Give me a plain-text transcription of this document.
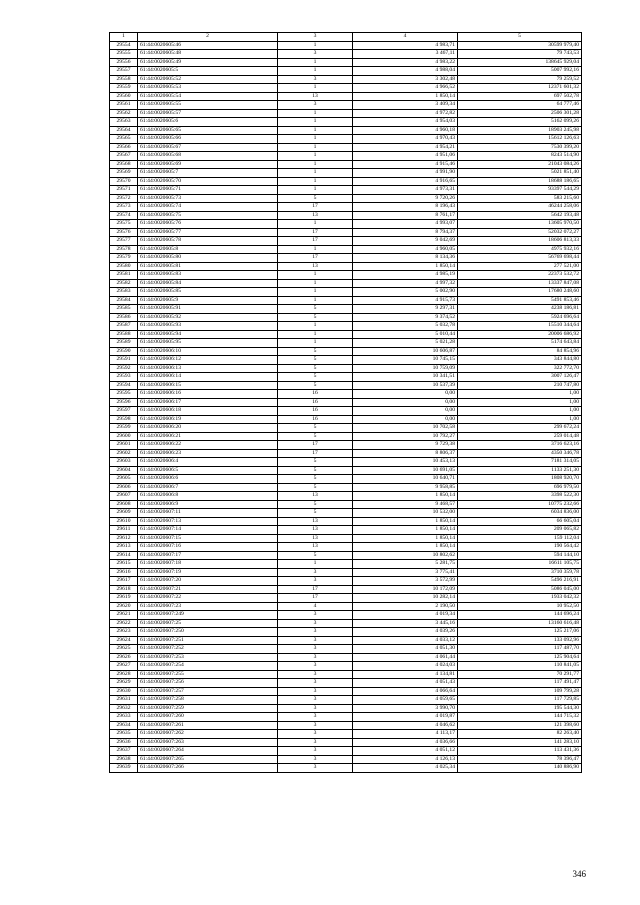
1	2	3	4	5
29554	61:44:0020605:46	1	4 983,71	30599 979,40
29555	61:44:0020605:48	3	3 467,11	79 743,53
29556	61:44:0020605:49	1	4 983,22	138645 929,04
29557	61:44:0020605:5	1	4 988,04	5007 992,16
29558	61:44:0020605:52	3	3 302,48	79 259,52
29559	61:44:0020605:53	1	4 966,52	12371 601,32
29560	61:44:0020605:54	13	1 850,14	697 502,78
29561	61:44:0020605:55	3	3 409,34	64 777,46
29562	61:44:0020605:57	1	4 972,82	2506 301,28
29563	61:44:0020605:6	1	4 954,03	5162 099,26
29564	61:44:0020605:65	1	4 960,18	18903 245,98
29565	61:44:0020605:66	1	4 970,43	15612 126,63
29566	61:44:0020605:67	1	4 954,21	7530 399,20
29567	61:44:0020605:68	1	4 951,06	8243 514,90
29568	61:44:0020605:69	1	4 915,46	21043 084,26
29569	61:44:0020605:7	1	4 991,90	5021 851,40
29570	61:44:0020605:70	1	4 916,65	18688 186,65
29571	61:44:0020605:71	1	4 973,31	93397 544,29
29572	61:44:0020605:73	5	9 720,26	583 215,60
29573	61:44:0020605:74	17	8 196,43	46244 258,06
29574	61:44:0020605:75	13	8 761,17	5642 193,48
29575	61:44:0020605:76	1	4 993,07	13605 970,50
29576	61:44:0020605:77	17	8 794,37	52032 072,27
29577	61:44:0020605:78	17	9 042,69	18606 813,33
29578	61:44:0020605:8	1	4 960,05	4975 932,16
29579	61:44:0020605:80	17	8 134,36	56769 698,44
29580	61:44:0020605:81	13	1 850,14	277 521,00
29581	61:44:0020605:83	1	4 985,19	22373 532,72
29582	61:44:0020605:84	1	4 997,32	13337 847,08
29583	61:44:0020605:85	1	5 002,90	17680 248,60
29584	61:44:0020605:9	1	4 915,73	5491 853,46
29585	61:44:0020605:91	5	9 297,31	4238 186,81
29586	61:44:0020605:92	5	9 374,52	5924 696,64
29587	61:44:0020605:93	1	5 032,78	15510 344,64
29588	61:44:0020605:94	1	5 010,44	20006 686,92
29589	61:44:0020605:95	1	5 021,28	5174 643,84
29590	61:44:0020606:10	5	10 606,87	84 854,96
29591	61:44:0020606:12	5	10 745,15	343 844,80
29592	61:44:0020606:13	5	10 759,09	322 772,70
29593	61:44:0020606:14	5	10 341,51	3007 126,47
29594	61:44:0020606:15	5	10 537,39	210 747,80
29595	61:44:0020606:16	16	0,00	1,00
29596	61:44:0020606:17	16	0,00	1,00
29597	61:44:0020606:18	16	0,00	1,00
29598	61:44:0020606:19	16	0,00	1,00
29599	61:44:0020606:20	5	10 702,58	299 672,24
29600	61:44:0020606:21	5	10 792,27	259 014,48
29601	61:44:0020606:22	17	9 729,38	3716 623,16
29602	61:44:0020606:23	17	8 806,37	4350 346,78
29603	61:44:0020606:4	5	10 453,13	7181 314,05
29604	61:44:0020606:5	5	10 691,05	1133 251,30
29605	61:44:0020606:6	5	10 640,71	1808 920,70
29606	61:44:0020606:7	5	9 958,85	696 979,50
29607	61:44:0020606:8	13	1 850,14	3398 522,30
29608	61:44:0020606:9	5	9 468,57	10775 232,66
29609	61:44:0020607:11	5	10 532,00	6034 836,00
29610	61:44:0020607:13	13	1 850,14	66 605,04
29611	61:44:0020607:14	13	1 850,14	209 065,82
29612	61:44:0020607:15	13	1 850,14	159 112,04
29613	61:44:0020607:16	13	1 850,14	190 564,42
29614	61:44:0020607:17	5	10 802,62	594 144,10
29615	61:44:0020607:18	1	5 281,75	16611 105,75
29616	61:44:0020607:19	3	3 775,41	3710 359,78
29617	61:44:0020607:20	3	3 572,99	5496 216,91
29618	61:44:0020607:21	17	10 172,09	5086 045,00
29619	61:44:0020607:22	17	10 282,14	1933 042,32
29620	61:44:0020607:23	4	2 190,50	10 952,50
29621	61:44:0020607:249	3	4 019,34	144 696,24
29622	61:44:0020607:25	3	3 445,16	13160 616,48
29623	61:44:0020607:250	3	4 039,26	125 217,06
29624	61:44:0020607:251	3	4 033,12	133 092,96
29625	61:44:0020607:252	3	4 051,30	117 487,70
29626	61:44:0020607:253	3	4 061,44	125 904,64
29627	61:44:0020607:254	3	4 024,03	110 841,05
29628	61:44:0020607:255	3	4 134,81	70 291,77
29629	61:44:0020607:256	3	4 051,43	117 491,47
29630	61:44:0020607:257	3	4 066,64	109 799,28
29631	61:44:0020607:258	3	4 059,65	117 729,85
29632	61:44:0020607:259	3	3 990,70	195 544,30
29633	61:44:0020607:260	3	4 019,87	144 715,32
29634	61:44:0020607:261	3	4 046,62	121 398,60
29635	61:44:0020607:262	3	4 113,17	82 263,40
29636	61:44:0020607:263	3	4 036,66	141 283,10
29637	61:44:0020607:264	3	4 051,12	113 431,36
29638	61:44:0020607:265	3	4 126,13	78 396,47
29639	61:44:0020607:266	3	4 025,34	140 886,90
346
